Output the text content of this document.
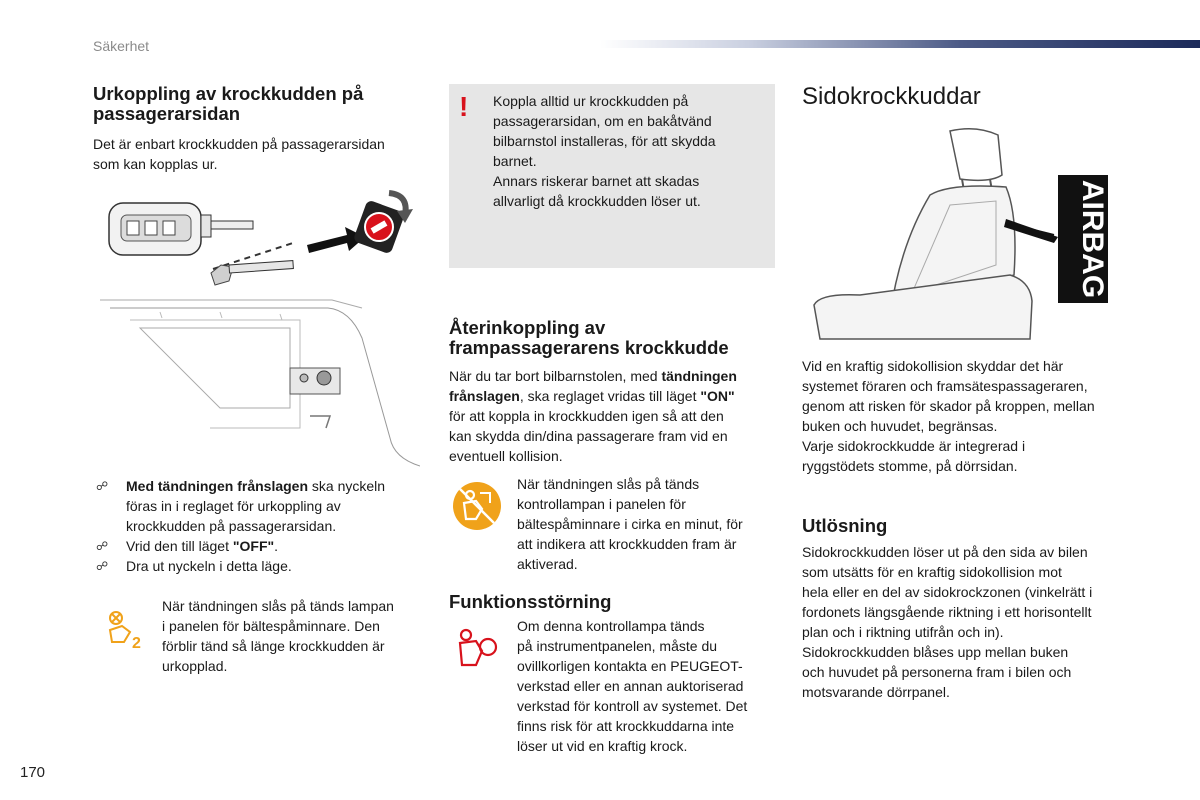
Säkerhet
170
Urkoppling av krockkudden på
passagerarsidan

Det är enbart krockkudden på passagerarsidan

som kan kopplas ur.

☍ Med tändningen frånslagen ska nyckeln
föras in i reglaget för urkoppling av
krockkudden på passagerarsidan.
☍ Vrid den till läget "OFF".
☍ Dra ut nyckeln i detta läge.
2

När tändningen slås på tänds lampan

i panelen för bältespåminnare. Den

förblir tänd så länge krockkudden är

urkopplad.

!	Koppla alltid ur krockkudden på

passagerarsidan, om en bakåtvänd

bilbarnstol installeras, för att skydda

barnet.

Annars riskerar barnet att skadas

allvarligt då krockkudden löser ut.

Återinkoppling av
frampassagerarens krockkudde

När du tar bort bilbarnstolen, med tändningen

frånslagen, ska reglaget vridas till läget "ON"

för att koppla in krockkudden igen så att den

kan skydda din/dina passagerare fram vid en

eventuell kollision.

När tändningen slås på tänds

kontrollampan i panelen för

bältespåminnare i cirka en minut, för

att indikera att krockkudden fram är

aktiverad.

Funktionsstörning

Om denna kontrollampa tänds

på instrumentpanelen, måste du

ovillkorligen kontakta en PEUGEOT-

verkstad eller en annan auktoriserad

verkstad för kontroll av systemet. Det

finns risk för att krockkuddarna inte

löser ut vid en kraftig krock.

Sidokrockkuddar
AIRBAG

Vid en kraftig sidokollision skyddar det här

systemet föraren och framsätespassageraren,

genom att risken för skador på kroppen, mellan

buken och huvudet, begränsas.

Varje sidokrockkudde är integrerad i

ryggstödets stomme, på dörrsidan.

Utlösning

Sidokrockkudden löser ut på den sida av bilen

som utsätts för en kraftig sidokollision mot

hela eller en del av sidokrockzonen (vinkelrätt i

fordonets längsgående riktning i ett horisontellt

plan och i riktning utifrån och in).

Sidokrockkudden blåses upp mellan buken

och huvudet på personerna fram i bilen och

motsvarande dörrpanel.
